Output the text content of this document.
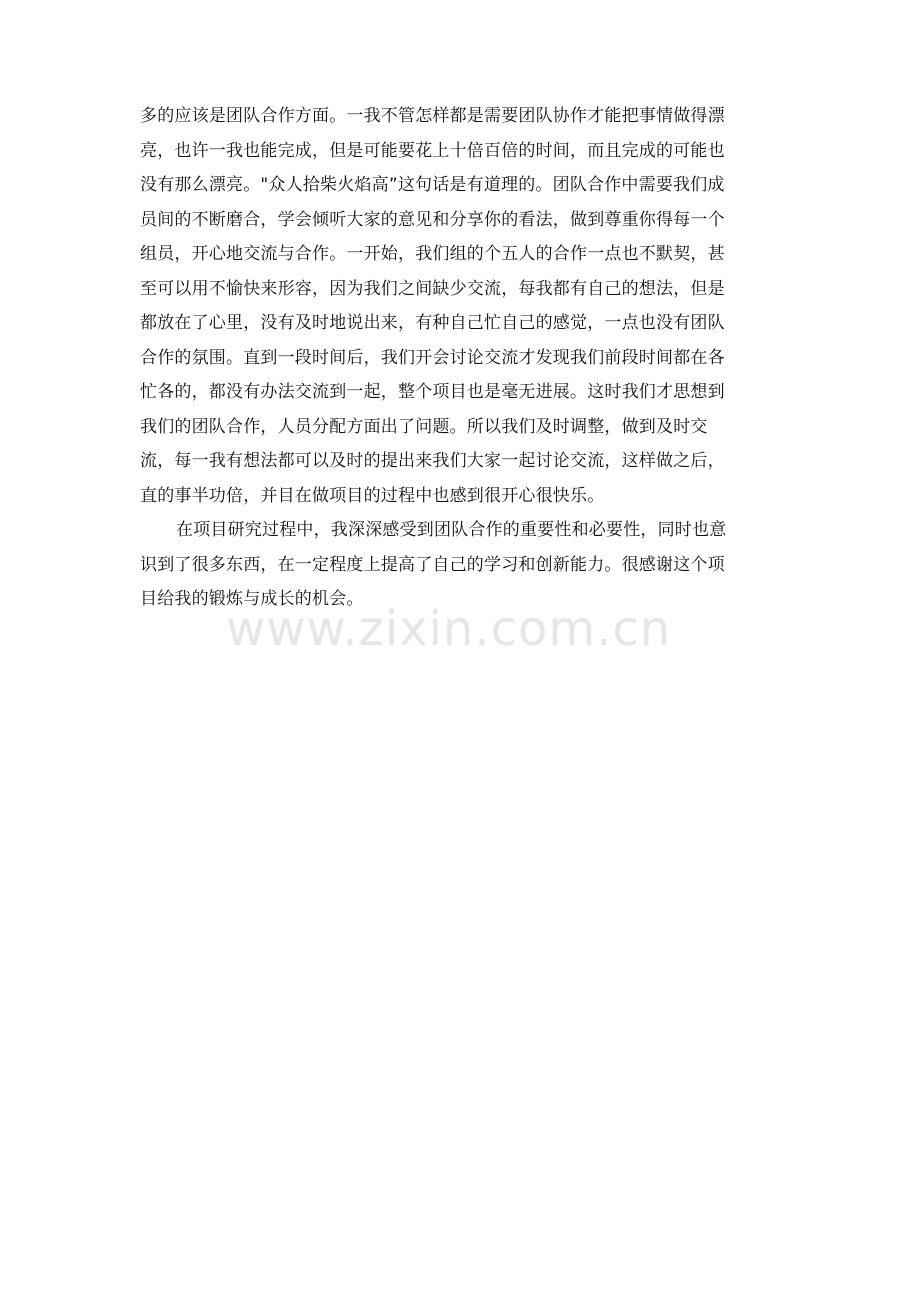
多的应该是团队合作方面。一我不管怎样都是需要团队协作才能把事情做得漂
亮，也许一我也能完成，但是可能要花上十倍百倍的时间，而且完成的可能也
没有那么漂亮。"众人拾柴火焰高”这句话是有道理的。团队合作中需要我们成
员间的不断磨合，学会倾听大家的意见和分享你的看法，做到尊重你得每一个
组员，开心地交流与合作。一开始，我们组的个五人的合作一点也不默契，甚
至可以用不愉快来形容，因为我们之间缺少交流，每我都有自己的想法，但是
都放在了心里，没有及时地说出来，有种自己忙自己的感觉，一点也没有团队
合作的氛围。直到一段时间后，我们开会讨论交流才发现我们前段时间都在各
忙各的，都没有办法交流到一起，整个项目也是毫无进展。这时我们才思想到
我们的团队合作，人员分配方面出了问题。所以我们及时调整，做到及时交
流，每一我有想法都可以及时的提出来我们大家一起讨论交流，这样做之后，
直的事半功倍，并目在做项目的过程中也感到很开心很快乐。
在项目研究过程中，我深深感受到团队合作的重要性和必要性，同时也意
识到了很多东西，在一定程度上提高了自己的学习和创新能力。很感谢这个项
目给我的锻炼与成长的机会。
www.zixin.com.cn
